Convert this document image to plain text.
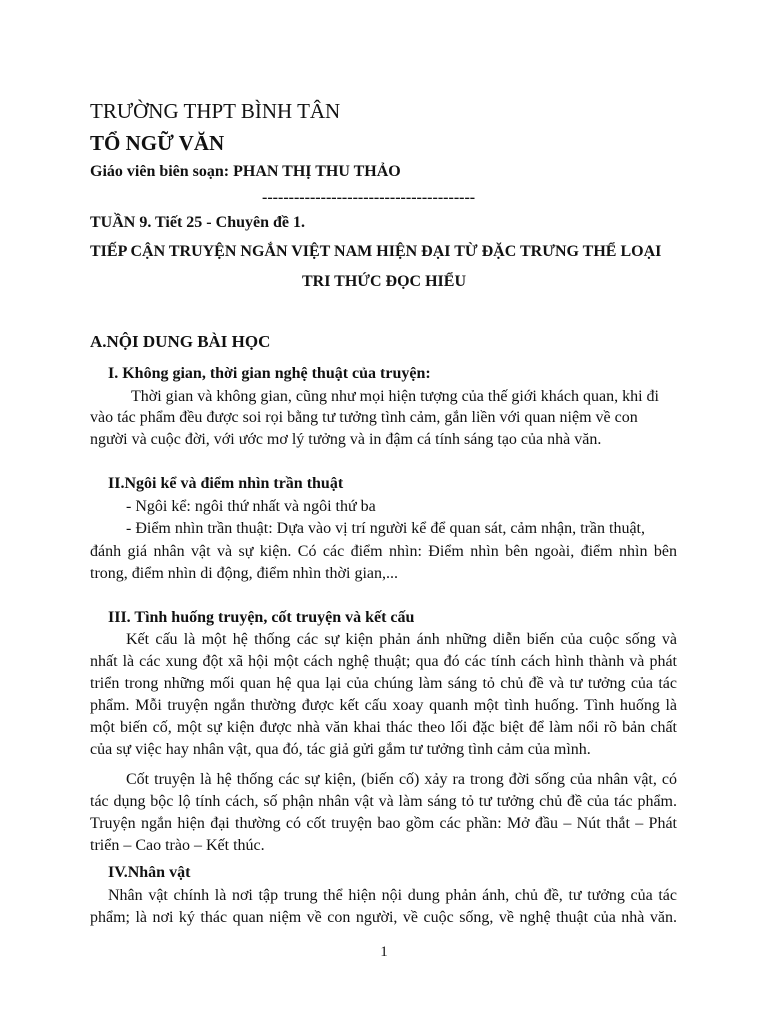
TRƯỜNG THPT BÌNH TÂN
TỔ NGỮ VĂN
Giáo viên biên soạn: PHAN THỊ THU THẢO
----------------------------------------
TUẦN 9. Tiết 25 - Chuyên đề 1.
TIẾP CẬN TRUYỆN NGẮN VIỆT NAM HIỆN ĐẠI TỪ ĐẶC TRƯNG THỂ LOẠI
TRI THỨC ĐỌC HIỂU
A.NỘI DUNG BÀI HỌC
I. Không gian, thời gian nghệ thuật của truyện:
Thời gian và không gian, cũng như mọi hiện tượng của thế giới khách quan, khi đi
vào tác phẩm đều được soi rọi bằng tư tưởng tình cảm, gắn liền với quan niệm về con
người và cuộc đời, với ước mơ lý tưởng và in đậm cá tính sáng tạo của nhà văn.
II.Ngôi kể và điểm nhìn trần thuật
- Ngôi kể: ngôi thứ nhất và ngôi thứ ba
- Điểm nhìn trần thuật: Dựa vào vị trí người kể để quan sát, cảm nhận, trần thuật,
đánh giá nhân vật và sự kiện. Có các điểm nhìn: Điểm nhìn bên ngoài, điểm nhìn bên
trong, điểm nhìn di động, điểm nhìn thời gian,...
III. Tình huống truyện, cốt truyện và kết cấu
Kết cấu là một hệ thống các sự kiện phản ánh những diễn biến của cuộc sống và
nhất là các xung đột xã hội một cách nghệ thuật; qua đó các tính cách hình thành và phát
triển trong những mối quan hệ qua lại của chúng làm sáng tỏ chủ đề và tư tưởng của tác
phẩm. Mỗi truyện ngắn thường được kết cấu xoay quanh một tình huống. Tình huống là
một biến cố, một sự kiện được nhà văn khai thác theo lối đặc biệt để làm nổi rõ bản chất
của sự việc hay nhân vật, qua đó, tác giả gửi gắm tư tưởng tình cảm của mình.
Cốt truyện là hệ thống các sự kiện, (biến cố) xảy ra trong đời sống của nhân vật, có
tác dụng bộc lộ tính cách, số phận nhân vật và làm sáng tỏ tư tưởng chủ đề của tác phẩm.
Truyện ngắn hiện đại thường có cốt truyện bao gồm các phần: Mở đầu – Nút thắt – Phát
triển – Cao trào – Kết thúc.
IV.Nhân vật
Nhân vật chính là nơi tập trung thể hiện nội dung phản ánh, chủ đề, tư tưởng của tác
phẩm; là nơi ký thác quan niệm về con người, về cuộc sống, về nghệ thuật của nhà văn.
1
